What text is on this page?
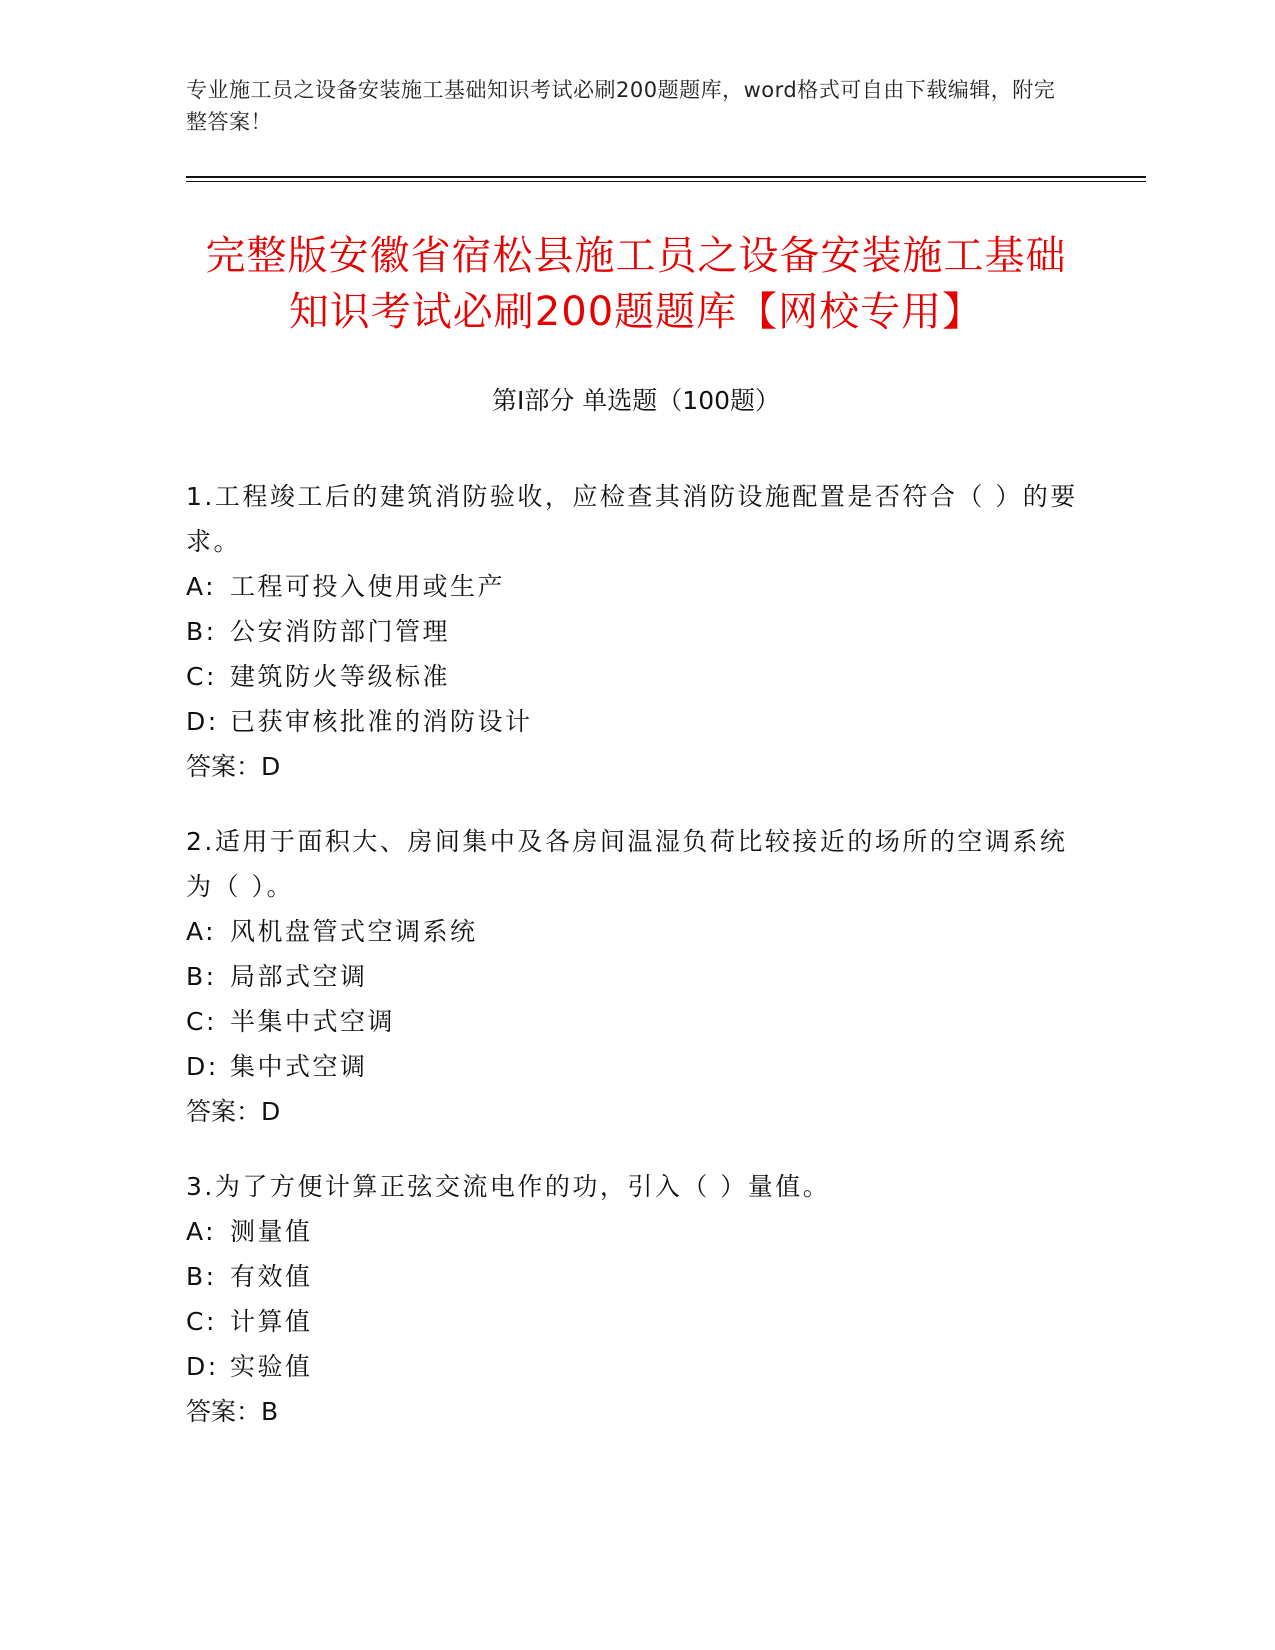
专业施工员之设备安装施工基础知识考试必刷200题题库，word格式可自由下载编辑，附完整答案！
完整版安徽省宿松县施工员之设备安装施工基础知识考试必刷200题题库【网校专用】
第Ⅰ部分 单选题（100题）

1.工程竣工后的建筑消防验收，应检查其消防设施配置是否符合（ ）的要求。

A: 工程可投入使用或生产

B: 公安消防部门管理

C: 建筑防火等级标准

D: 已获审核批准的消防设计

答案：D

2.适用于面积大、房间集中及各房间温湿负荷比较接近的场所的空调系统为（ ）。

A: 风机盘管式空调系统

B: 局部式空调

C: 半集中式空调

D: 集中式空调

答案：D

3.为了方便计算正弦交流电作的功，引入（ ）量值。

A: 测量值

B: 有效值

C: 计算值

D: 实验值

答案：B
